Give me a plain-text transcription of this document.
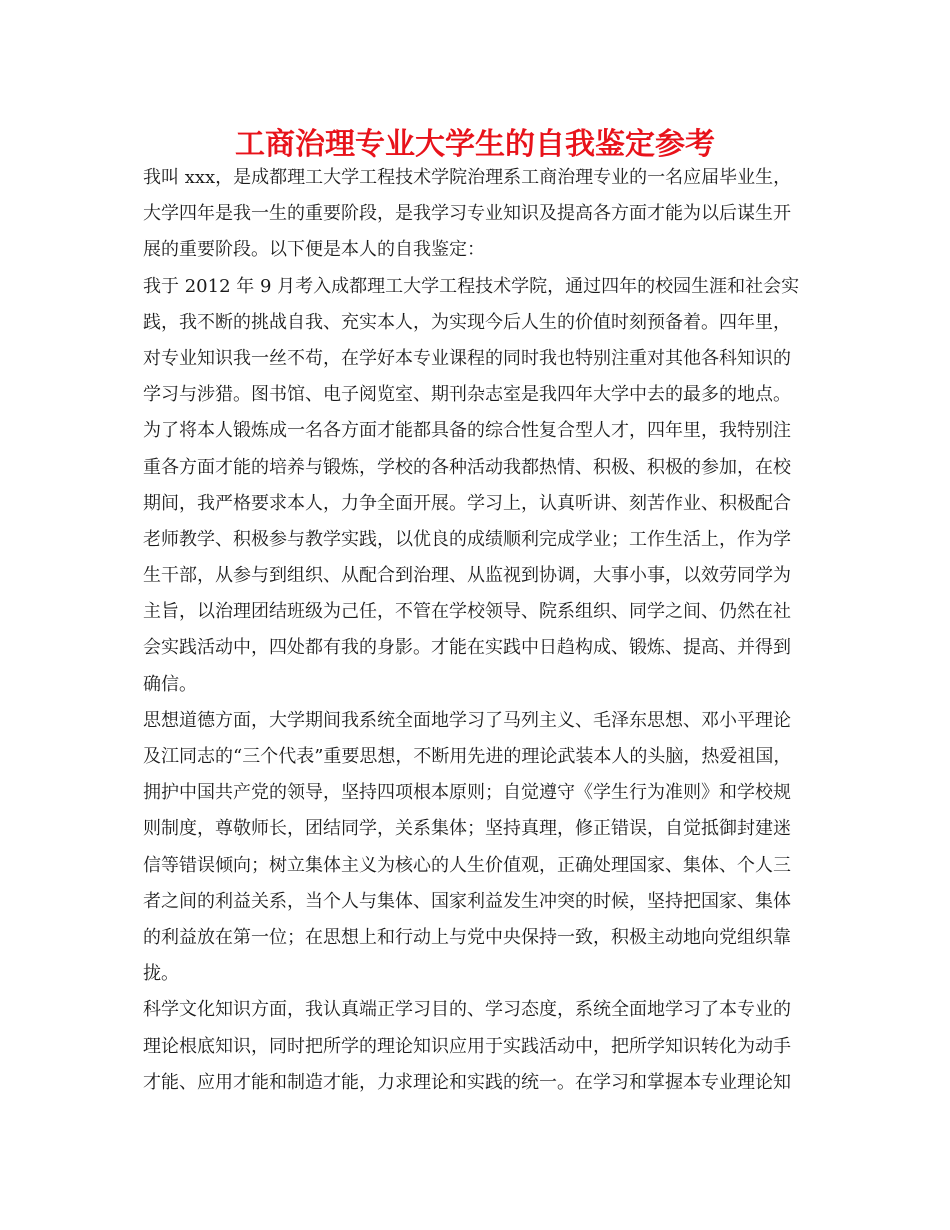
工商治理专业大学生的自我鉴定参考
我叫 xxx，是成都理工大学工程技术学院治理系工商治理专业的一名应届毕业生，
大学四年是我一生的重要阶段，是我学习专业知识及提高各方面才能为以后谋生开
展的重要阶段。以下便是本人的自我鉴定：
我于 2012 年 9 月考入成都理工大学工程技术学院，通过四年的校园生涯和社会实
践，我不断的挑战自我、充实本人，为实现今后人生的价值时刻预备着。四年里，
对专业知识我一丝不苟，在学好本专业课程的同时我也特别注重对其他各科知识的
学习与涉猎。图书馆、电子阅览室、期刊杂志室是我四年大学中去的最多的地点。
为了将本人锻炼成一名各方面才能都具备的综合性复合型人才，四年里，我特别注
重各方面才能的培养与锻炼，学校的各种活动我都热情、积极、积极的参加，在校
期间，我严格要求本人，力争全面开展。学习上，认真听讲、刻苦作业、积极配合
老师教学、积极参与教学实践，以优良的成绩顺利完成学业；工作生活上，作为学
生干部，从参与到组织、从配合到治理、从监视到协调，大事小事，以效劳同学为
主旨，以治理团结班级为己任，不管在学校领导、院系组织、同学之间、仍然在社
会实践活动中，四处都有我的身影。才能在实践中日趋构成、锻炼、提高、并得到
确信。
思想道德方面，大学期间我系统全面地学习了马列主义、毛泽东思想、邓小平理论
及江同志的“三个代表”重要思想，不断用先进的理论武装本人的头脑，热爱祖国，
拥护中国共产党的领导，坚持四项根本原则；自觉遵守《学生行为准则》和学校规
则制度，尊敬师长，团结同学，关系集体；坚持真理，修正错误，自觉抵御封建迷
信等错误倾向；树立集体主义为核心的人生价值观，正确处理国家、集体、个人三
者之间的利益关系，当个人与集体、国家利益发生冲突的时候，坚持把国家、集体
的利益放在第一位；在思想上和行动上与党中央保持一致，积极主动地向党组织靠
拢。
科学文化知识方面，我认真端正学习目的、学习态度，系统全面地学习了本专业的
理论根底知识，同时把所学的理论知识应用于实践活动中，把所学知识转化为动手
才能、应用才能和制造才能，力求理论和实践的统一。在学习和掌握本专业理论知
